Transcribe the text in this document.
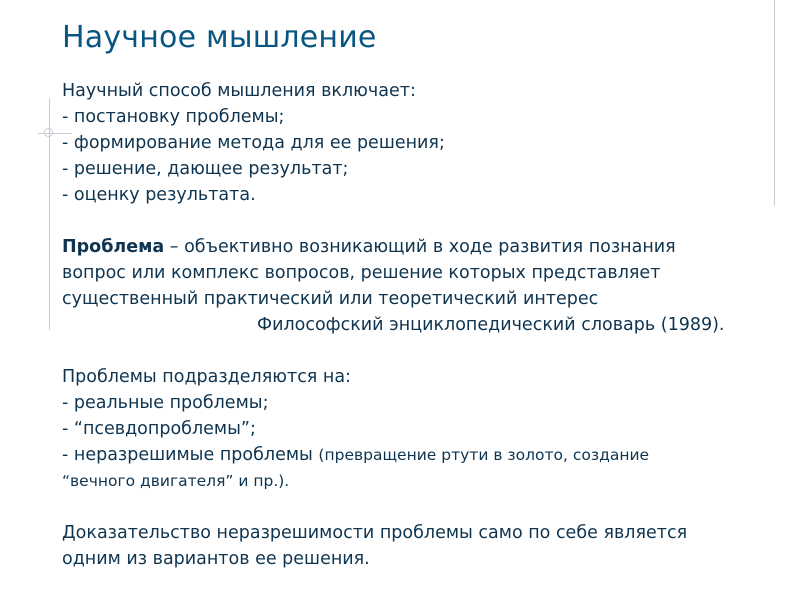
Научное мышление
Научный способ мышления включает:
- постановку проблемы;
- формирование метода для ее решения;
- решение, дающее результат;
- оценку результата.
Проблема – объективно возникающий в ходе развития познания
вопрос или комплекс вопросов, решение которых представляет
существенный практический или теоретический интерес
Философский энциклопедический словарь (1989).
Проблемы подразделяются на:
- реальные проблемы;
- “псевдопроблемы”;
- неразрешимые проблемы (превращение ртути в золото, создание
“вечного двигателя” и пр.).
Доказательство неразрешимости проблемы само по себе является
одним из вариантов ее решения.
